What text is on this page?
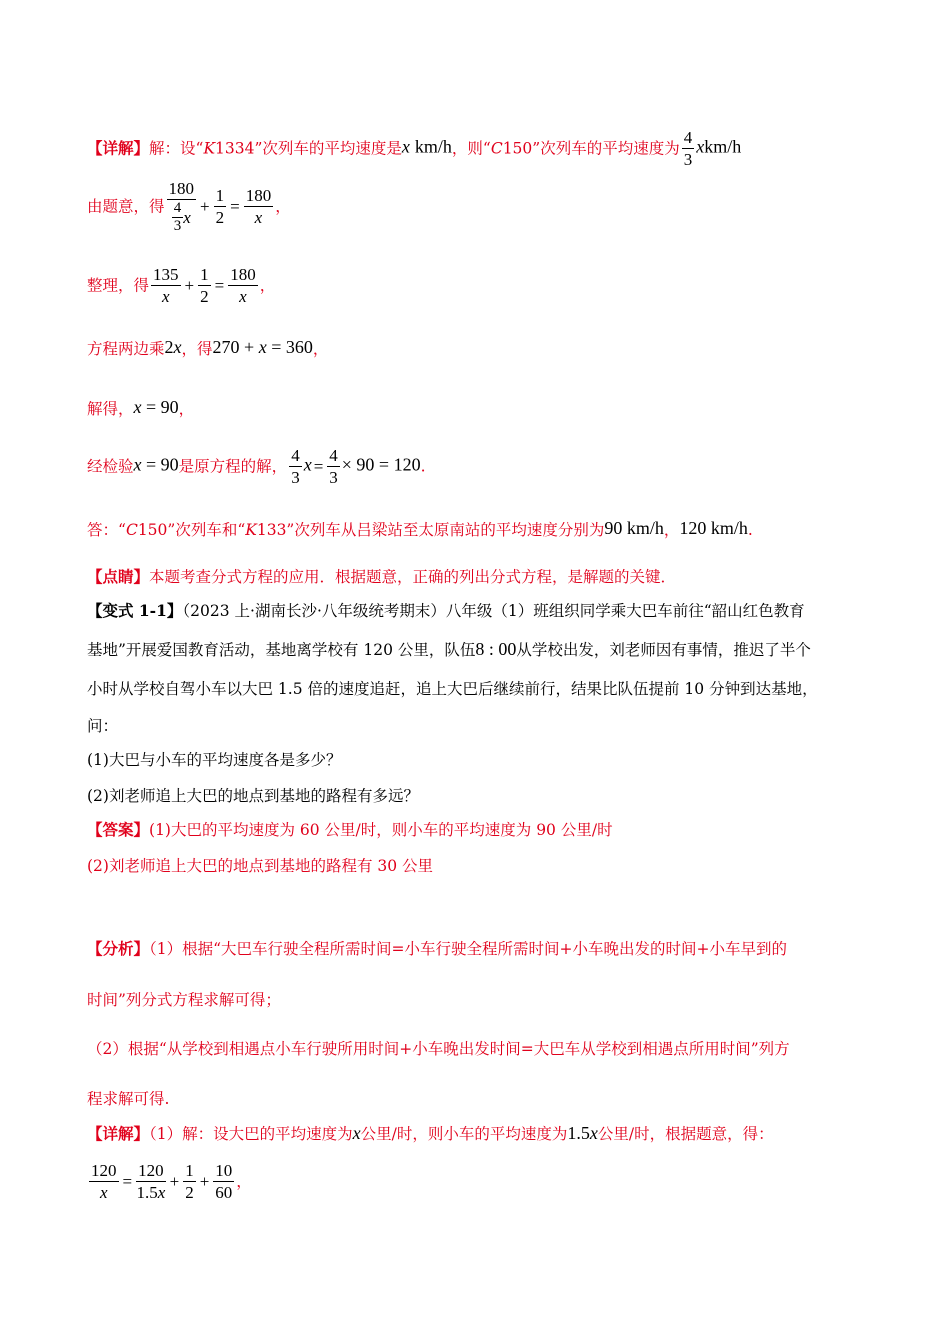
【详解】解：设“K1334”次列车的平均速度是x km/h，则“C150”次列车的平均速度为 $\frac{4}{3} xkm/h$
由题意，得 $\frac{180}{\frac{4}{3} x} + \frac{1}{2} = \frac{180}{x}$ ，
整理，得 $\frac{135}{x} + \frac{1}{2} = \frac{180}{x}$ ，
方程两边乘2x，得270 + x = 360，
解得，x = 90，
经检验x = 90是原方程的解， $\frac{4}{3}$ $x = \frac{4}{3} \times 90 = 120$.
答：“C150”次列车和“K133”次列车从吕梁站至太原南站的平均速度分别为90 km/h，120 km/h.
【点睛】本题考查分式方程的应用．根据题意，正确的列出分式方程，是解题的关键．
【变式 1-1】（2023 上·湖南长沙·八年级统考期末）八年级（1）班组织同学乘大巴车前往“韶山红色教育
基地”开展爱国教育活动，基地离学校有 120 公里，队伍8 : 00从学校出发，刘老师因有事情，推迟了半个
小时从学校自驾小车以大巴 1.5 倍的速度追赶，追上大巴后继续前行，结果比队伍提前 10 分钟到达基地，
问：
(1)大巴与小车的平均速度各是多少？
(2)刘老师追上大巴的地点到基地的路程有多远？
【答案】(1)大巴的平均速度为 60 公里/时，则小车的平均速度为 90 公里/时
(2)刘老师追上大巴的地点到基地的路程有 30 公里
【分析】（1）根据“大巴车行驶全程所需时间=小车行驶全程所需时间+小车晚出发的时间+小车早到的
时间”列分式方程求解可得；
（2）根据“从学校到相遇点小车行驶所用时间+小车晚出发时间=大巴车从学校到相遇点所用时间”列方
程求解可得.
【详解】（1）解：设大巴的平均速度为x公里/时，则小车的平均速度为1.5x公里/时，根据题意，得：
$\frac{120}{x} = \frac{120}{1.5x} + \frac{1}{2} + \frac{10}{60}$ ，
